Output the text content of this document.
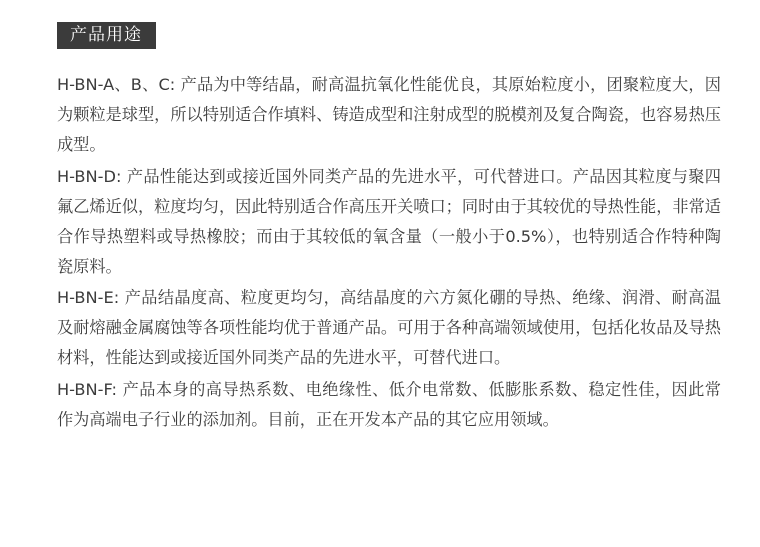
产品用途

H-BN-A、B、C: 产品为中等结晶，耐高温抗氧化性能优良，其原始粒度小，团聚粒度大，因为颗粒是球型，所以特别适合作填料、铸造成型和注射成型的脱模剂及复合陶瓷，也容易热压成型。

H-BN-D: 产品性能达到或接近国外同类产品的先进水平，可代替进口。产品因其粒度与聚四氟乙烯近似，粒度均匀，因此特别适合作高压开关喷口；同时由于其较优的导热性能，非常适合作导热塑料或导热橡胶；而由于其较低的氧含量（一般小于0.5%），也特别适合作特种陶瓷原料。

H-BN-E: 产品结晶度高、粒度更均匀，高结晶度的六方氮化硼的导热、绝缘、润滑、耐高温及耐熔融金属腐蚀等各项性能均优于普通产品。可用于各种高端领域使用，包括化妆品及导热材料，性能达到或接近国外同类产品的先进水平，可替代进口。

H-BN-F: 产品本身的高导热系数、电绝缘性、低介电常数、低膨胀系数、稳定性佳，因此常作为高端电子行业的添加剂。目前，正在开发本产品的其它应用领域。
